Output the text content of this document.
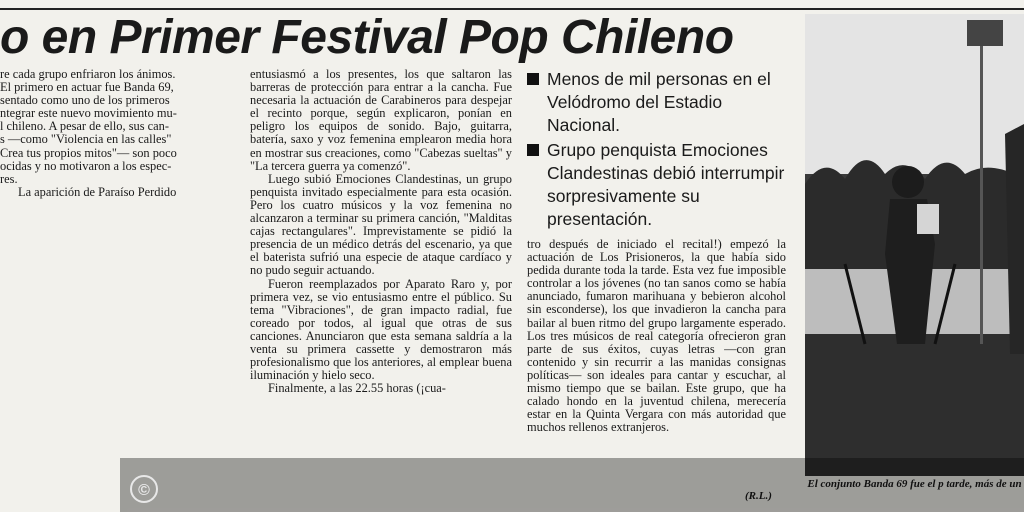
o en Primer Festival Pop Chileno

re cada grupo enfriaron los ánimos.

El primero en actuar fue Banda 69,

sentado como uno de los primeros

ntegrar este nuevo movimiento mu-

l chileno. A pesar de ello, sus can-

s —como "Violencia en las calles"

Crea tus propios mitos"— son poco

ocidas y no motivaron a los espec-

res.

La aparición de Paraíso Perdido

entusiasmó a los presentes, los que saltaron las barreras de protección para entrar a la cancha. Fue necesaria la actuación de Carabineros para despejar el recinto porque, según explicaron, ponían en peligro los equipos de sonido. Bajo, guitarra, batería, saxo y voz femenina emplearon media hora en mostrar sus creaciones, como "Cabezas sueltas" y "La tercera guerra ya comenzó".

Luego subió Emociones Clandestinas, un grupo penquista invitado especialmente para esta ocasión. Pero los cuatro músicos y la voz femenina no alcanzaron a terminar su primera canción, "Malditas cajas rectangulares". Imprevistamente se pidió la presencia de un médico detrás del escenario, ya que el baterista sufrió una especie de ataque cardíaco y no pudo seguir actuando.

Fueron reemplazados por Aparato Raro y, por primera vez, se vio entusiasmo entre el público. Su tema "Vibraciones", de gran impacto radial, fue coreado por todos, al igual que otras de sus canciones. Anunciaron que esta semana saldría a la venta su primera cassette y demostraron más profesionalismo que los anteriores, al emplear buena iluminación y hielo seco.

Finalmente, a las 22.55 horas (¡cua-

Menos de mil personas en el Velódromo del Estadio Nacional.
Grupo penquista Emociones Clandestinas debió interrumpir sorpresivamente su presentación.

tro después de iniciado el recital!) empezó la actuación de Los Prisioneros, la que había sido pedida durante toda la tarde. Esta vez fue imposible controlar a los jóvenes (no tan sanos como se había anunciado, fumaron marihuana y bebieron alcohol sin esconderse), los que invadieron la cancha para bailar al buen ritmo del grupo largamente esperado. Los tres músicos de real categoría ofrecieron gran parte de sus éxitos, cuyas letras —con gran contenido y sin recurrir a las manidas consignas políticas— son ideales para cantar y escuchar, al mismo tiempo que se bailan. Este grupo, que ha calado hondo en la juventud chilena, merecería estar en la Quinta Vergara con más autoridad que muchos rellenos extranjeros.

(R.L.)
El conjunto Banda 69 fue el p tarde, más de un
©
